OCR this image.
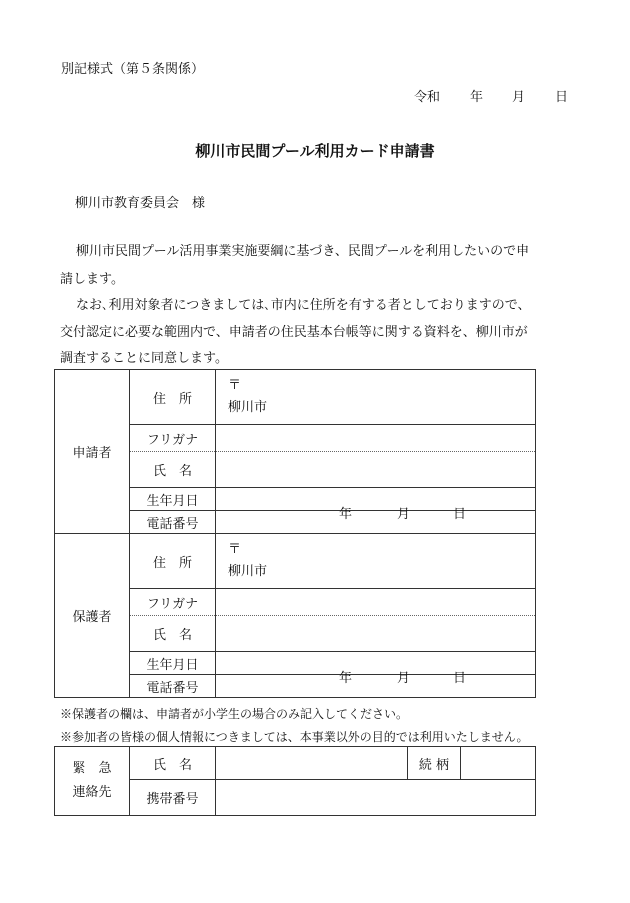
別記様式（第５条関係）
令和 年 月 日
柳川市民間プール利用カード申請書
柳川市教育委員会　様
柳川市民間プール活用事業実施要綱に基づき、民間プールを利用したいので申
請します。
なお､利用対象者につきましては､市内に住所を有する者としておりますので、
交付認定に必要な範囲内で、申請者の住民基本台帳等に関する資料を、柳川市が
調査することに同意します。
申請者	住　所	〒
柳川市

	フリガナ	
	氏　名	
	生年月日	年 月 日

	電話番号	
保護者	住　所	〒
柳川市

	フリガナ	
	氏　名	
	生年月日	年 月 日

	電話番号	
※保護者の欄は、申請者が小学生の場合のみ記入してください。
※参加者の皆様の個人情報につきましては、本事業以外の目的では利用いたしません。
緊　急
連絡先	氏　名		続 柄	
	携帯番号			
